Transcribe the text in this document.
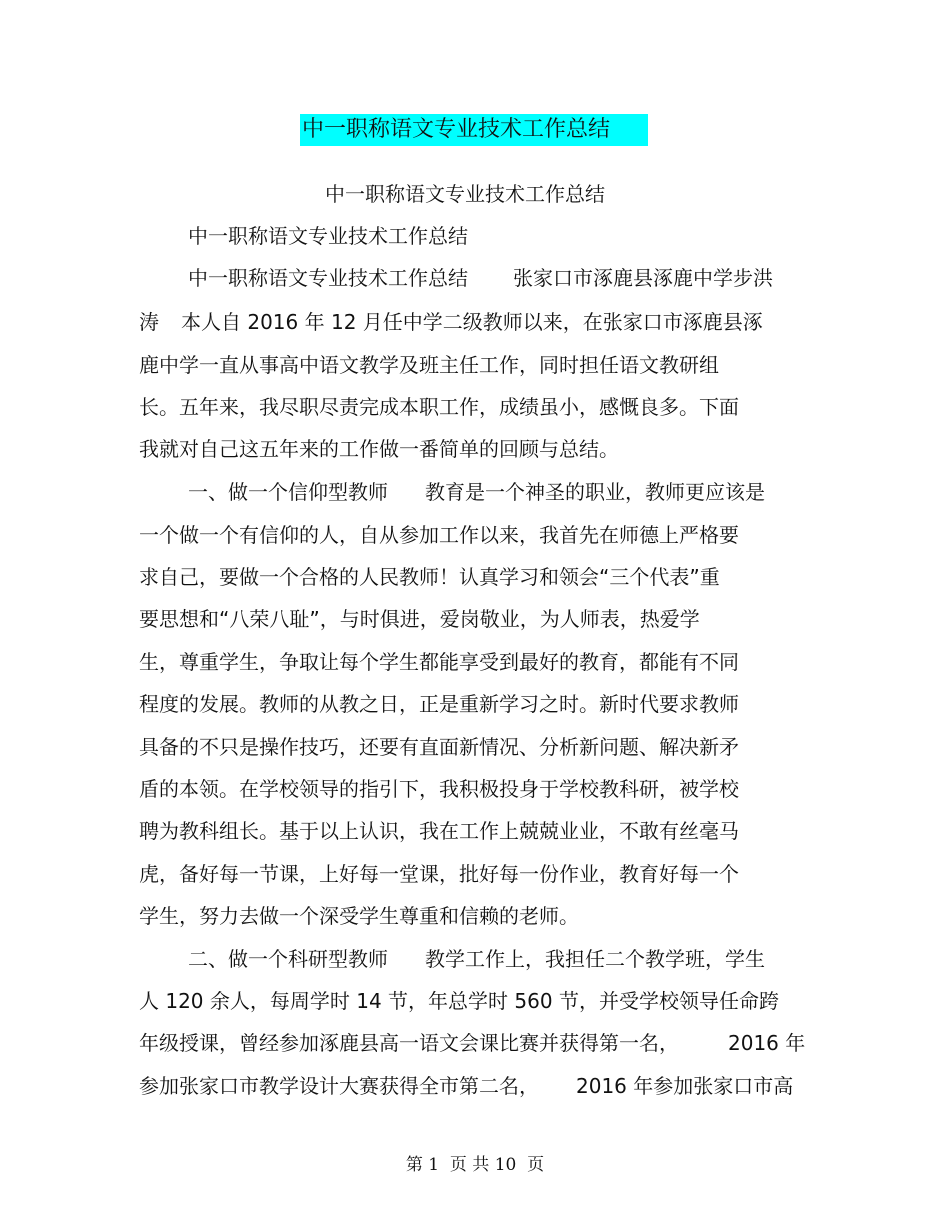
中一职称语文专业技术工作总结
中一职称语文专业技术工作总结
中一职称语文专业技术工作总结
中一职称语文专业技术工作总结 张家口市涿鹿县涿鹿中学步洪
涛 本人自 2016 年 12 月任中学二级教师以来，在张家口市涿鹿县涿
鹿中学一直从事高中语文教学及班主任工作，同时担任语文教研组
长。五年来，我尽职尽责完成本职工作，成绩虽小，感慨良多。下面
我就对自己这五年来的工作做一番简单的回顾与总结。
一、做一个信仰型教师 教育是一个神圣的职业，教师更应该是
一个做一个有信仰的人，自从参加工作以来，我首先在师德上严格要
求自己，要做一个合格的人民教师！认真学习和领会“三个代表”重
要思想和“八荣八耻”，与时俱进，爱岗敬业，为人师表，热爱学
生，尊重学生，争取让每个学生都能享受到最好的教育，都能有不同
程度的发展。教师的从教之日，正是重新学习之时。新时代要求教师
具备的不只是操作技巧，还要有直面新情况、分析新问题、解决新矛
盾的本领。在学校领导的指引下，我积极投身于学校教科研，被学校
聘为教科组长。基于以上认识，我在工作上兢兢业业，不敢有丝毫马
虎，备好每一节课，上好每一堂课，批好每一份作业，教育好每一个
学生，努力去做一个深受学生尊重和信赖的老师。
二、做一个科研型教师 教学工作上，我担任二个教学班，学生
人 120 余人，每周学时 14 节，年总学时 560 节，并受学校领导任命跨
年级授课，曾经参加涿鹿县高一语文会课比赛并获得第一名， 2016 年
参加张家口市教学设计大赛获得全市第二名， 2016 年参加张家口市高
第 1  页 共 10  页
